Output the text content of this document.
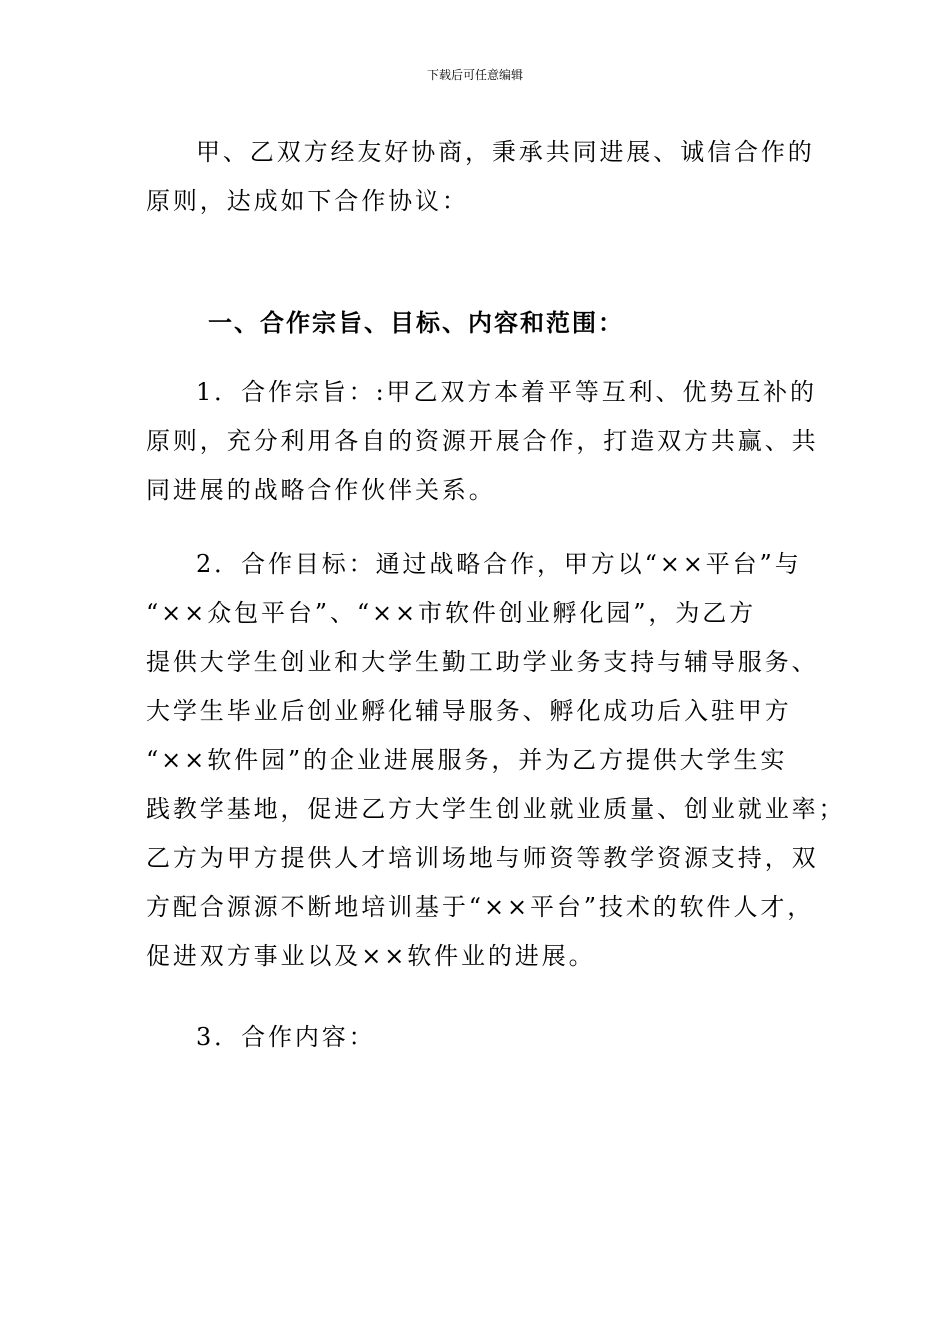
下载后可任意编辑
甲、乙双方经友好协商，秉承共同进展、诚信合作的
原则，达成如下合作协议：
一、合作宗旨、目标、内容和范围：
1．合作宗旨：:甲乙双方本着平等互利、优势互补的
原则，充分利用各自的资源开展合作，打造双方共赢、共
同进展的战略合作伙伴关系。
2．合作目标：通过战略合作，甲方以“××平台”与
“××众包平台”、“××市软件创业孵化园”，为乙方
提供大学生创业和大学生勤工助学业务支持与辅导服务、
大学生毕业后创业孵化辅导服务、孵化成功后入驻甲方
“××软件园”的企业进展服务，并为乙方提供大学生实
践教学基地，促进乙方大学生创业就业质量、创业就业率；
乙方为甲方提供人才培训场地与师资等教学资源支持，双
方配合源源不断地培训基于“××平台”技术的软件人才，
促进双方事业以及××软件业的进展。
3．合作内容：
